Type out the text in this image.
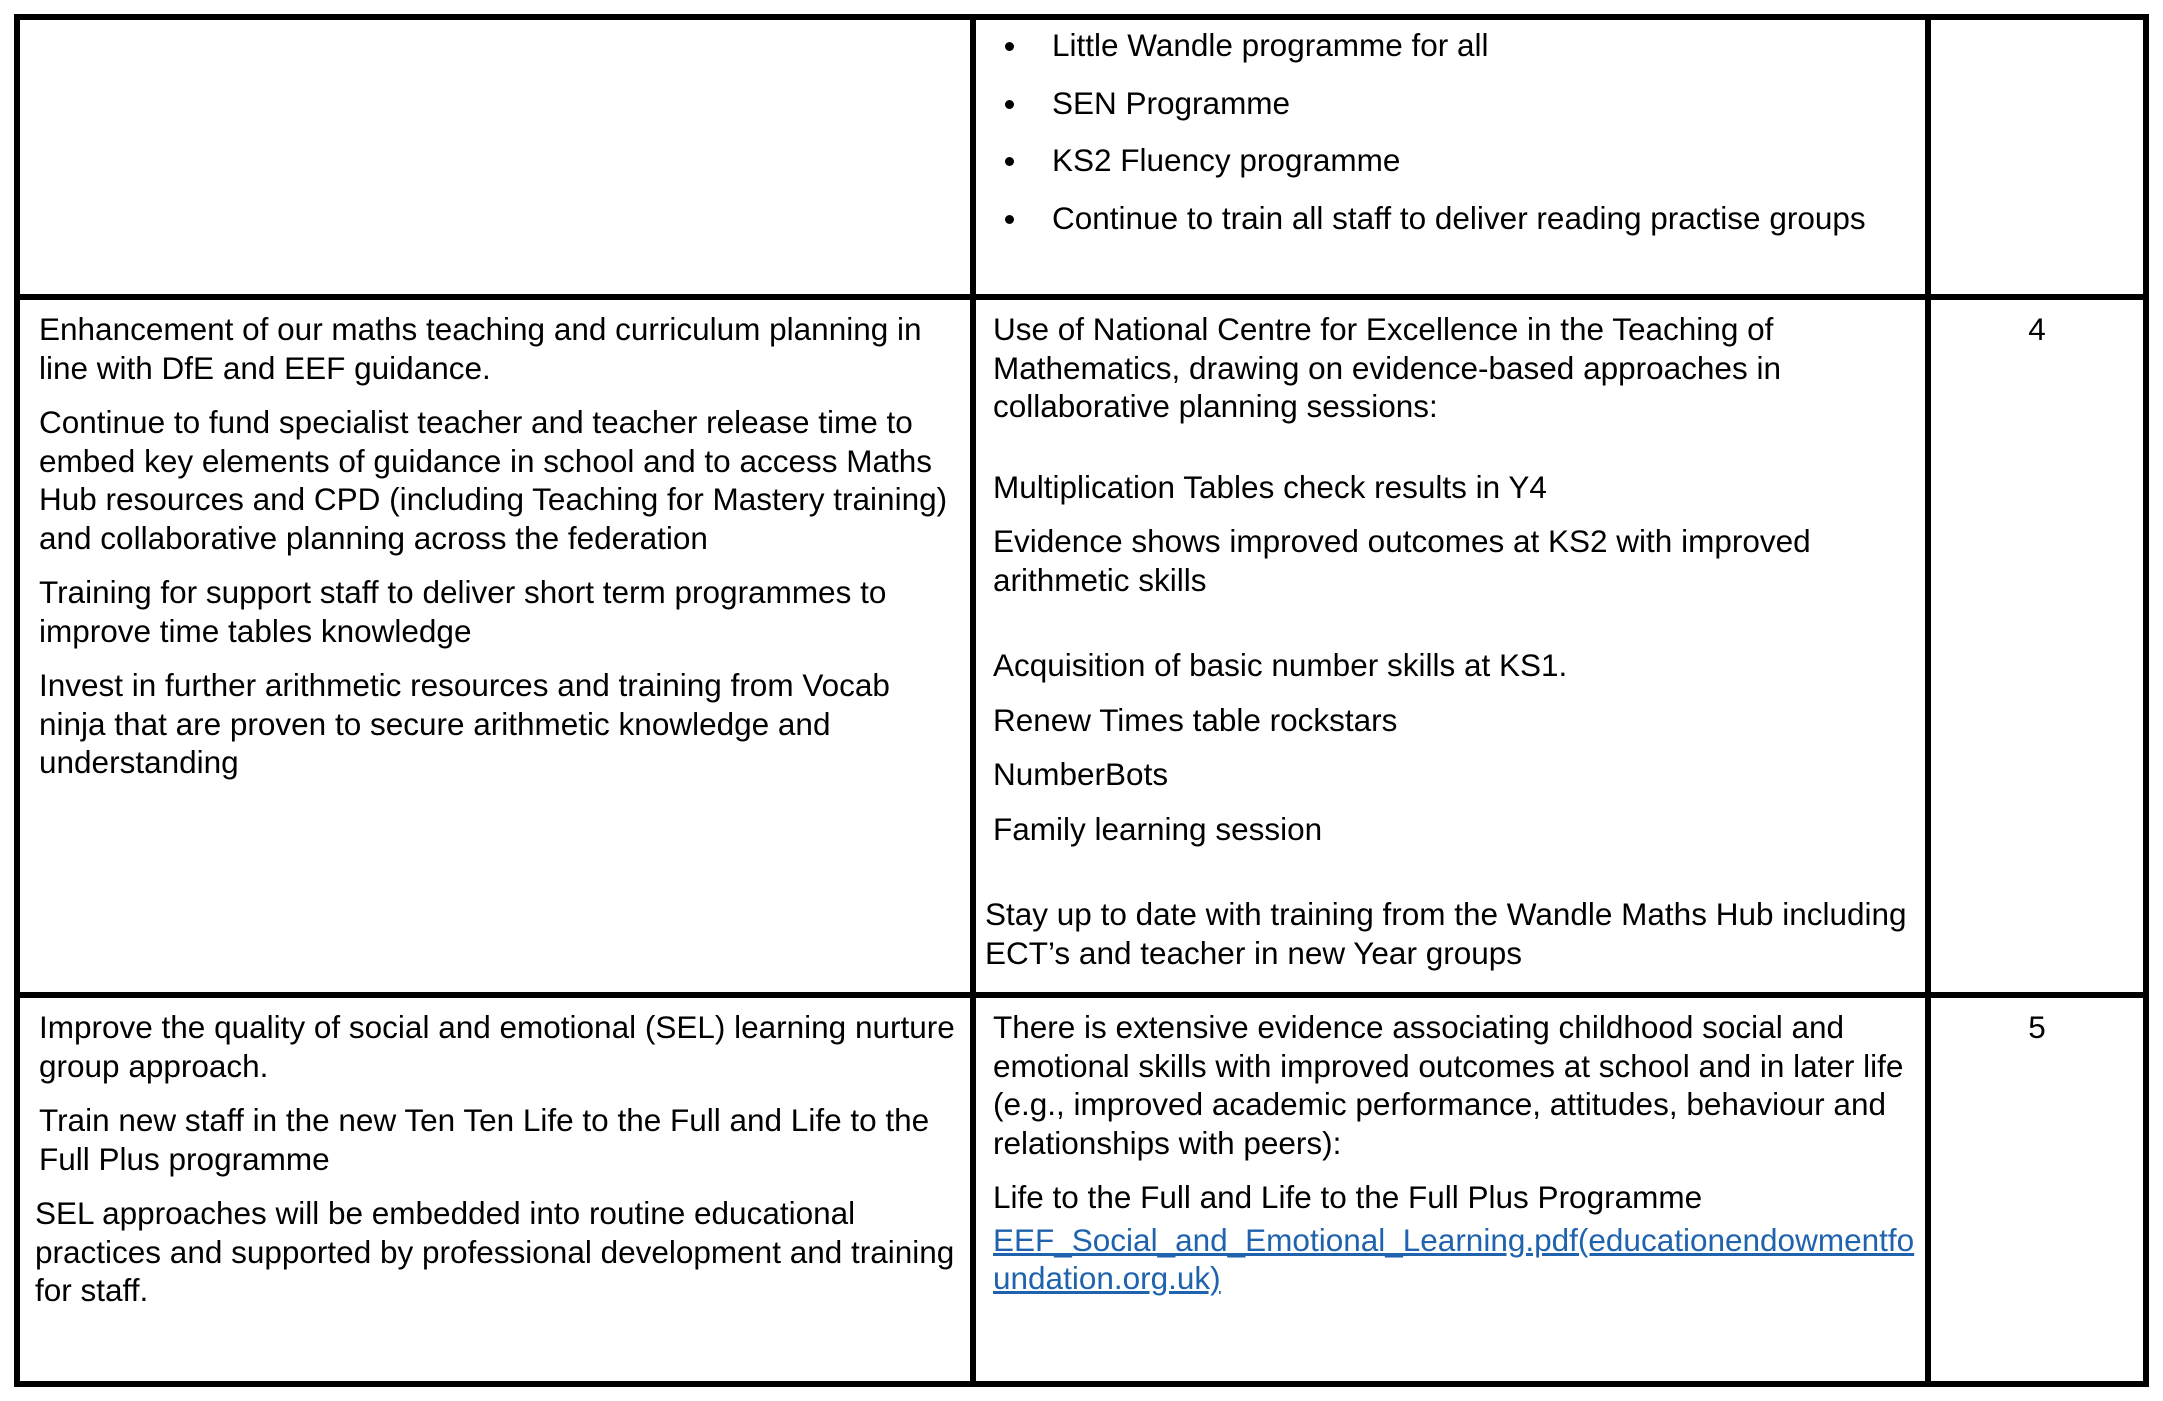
Little Wandle programme for all
SEN Programme
KS2 Fluency programme
Continue to train all staff to deliver reading practise groups

Enhancement of our maths teaching and curriculum planning in line with DfE and EEF guidance.

Continue to fund specialist teacher and teacher release time to embed key elements of guidance in school and to access Maths Hub resources and CPD (including Teaching for Mastery training) and collaborative planning across the federation

Training for support staff to deliver short term programmes to improve time tables knowledge

Invest in further arithmetic resources and training from Vocab ninja that are proven to secure arithmetic knowledge and understanding

Use of National Centre for Excellence in the Teaching of Mathematics, drawing on evidence-based approaches in collaborative planning sessions:

Multiplication Tables check results in Y4

Evidence shows improved outcomes at KS2 with improved arithmetic skills

Acquisition of basic number skills at KS1.

Renew Times table rockstars

NumberBots

Family learning session

Stay up to date with training from the Wandle Maths Hub including ECT’s and teacher in new Year groups

4

Improve the quality of social and emotional (SEL) learning nurture group approach.

Train new staff in the new Ten Ten Life to the Full and Life to the Full Plus programme

SEL approaches will be embedded into routine educational practices and supported by professional development and training for staff.

There is extensive evidence associating childhood social and emotional skills with improved outcomes at school and in later life (e.g., improved academic performance, attitudes, behaviour and relationships with peers):

Life to the Full and Life to the Full Plus Programme

EEF_Social_and_Emotional_Learning.pdf(educationendowmentfoundation.org.uk)

5
